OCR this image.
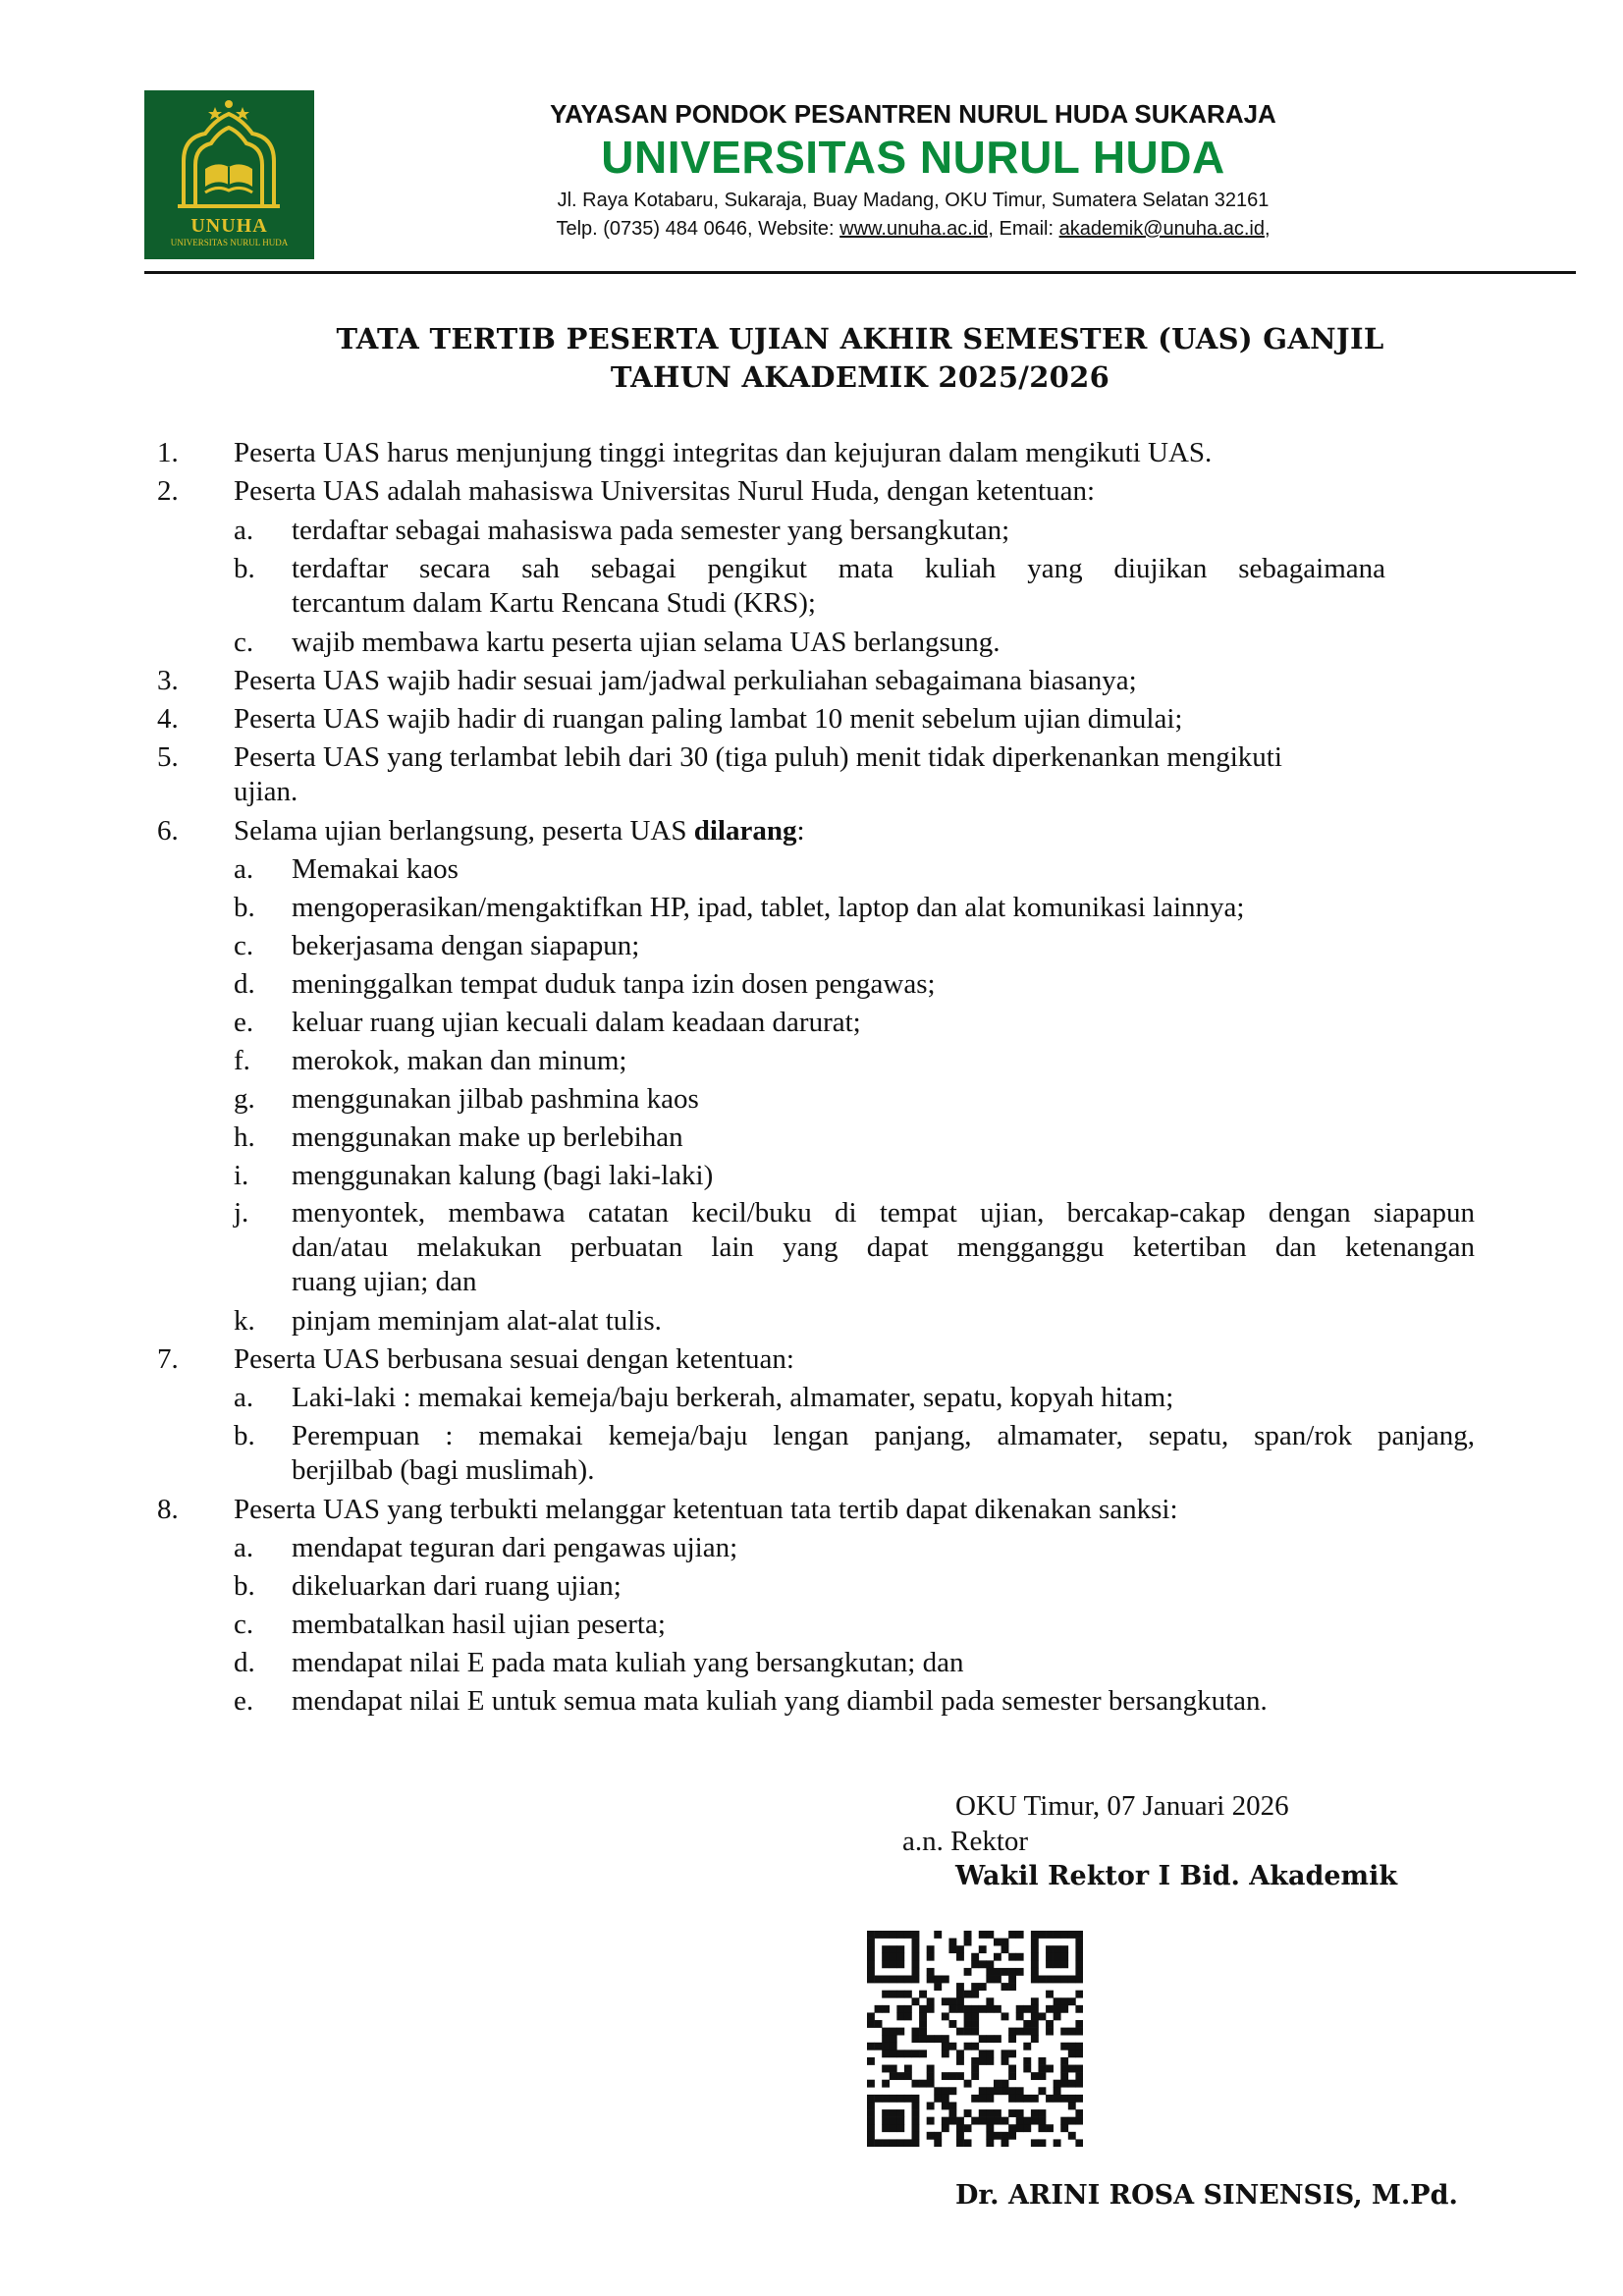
UNUHA
UNIVERSITAS NURUL HUDA
YAYASAN PONDOK PESANTREN NURUL HUDA SUKARAJA
UNIVERSITAS NURUL HUDA
Jl. Raya Kotabaru, Sukaraja, Buay Madang, OKU Timur, Sumatera Selatan 32161
Telp. (0735) 484 0646, Website: www.unuha.ac.id, Email: akademik@unuha.ac.id,
TATA TERTIB PESERTA UJIAN AKHIR SEMESTER (UAS) GANJIL
TAHUN AKADEMIK 2025/2026
1. Peserta UAS harus menjunjung tinggi integritas dan kejujuran dalam mengikuti UAS.
2. Peserta UAS adalah mahasiswa Universitas Nurul Huda, dengan ketentuan:
a. terdaftar sebagai mahasiswa pada semester yang bersangkutan;
b. terdaftar secara sah sebagai pengikut mata kuliah yang diujikan sebagaimana
tercantum dalam Kartu Rencana Studi (KRS);
c. wajib membawa kartu peserta ujian selama UAS berlangsung.
3. Peserta UAS wajib hadir sesuai jam/jadwal perkuliahan sebagaimana biasanya;
4. Peserta UAS wajib hadir di ruangan paling lambat 10 menit sebelum ujian dimulai;
5. Peserta UAS yang terlambat lebih dari 30 (tiga puluh) menit tidak diperkenankan mengikuti
ujian.
6. Selama ujian berlangsung, peserta UAS dilarang:
a. Memakai kaos
b. mengoperasikan/mengaktifkan HP, ipad, tablet, laptop dan alat komunikasi lainnya;
c. bekerjasama dengan siapapun;
d. meninggalkan tempat duduk tanpa izin dosen pengawas;
e. keluar ruang ujian kecuali dalam keadaan darurat;
f. merokok, makan dan minum;
g. menggunakan jilbab pashmina kaos
h. menggunakan make up berlebihan
i. menggunakan kalung (bagi laki-laki)
j. menyontek, membawa catatan kecil/buku di tempat ujian, bercakap-cakap dengan siapapun
dan/atau melakukan perbuatan lain yang dapat mengganggu ketertiban dan ketenangan
ruang ujian; dan
k. pinjam meminjam alat-alat tulis.
7. Peserta UAS berbusana sesuai dengan ketentuan:
a. Laki-laki : memakai kemeja/baju berkerah, almamater, sepatu, kopyah hitam;
b. Perempuan : memakai kemeja/baju lengan panjang, almamater, sepatu, span/rok panjang,
berjilbab (bagi muslimah).
8. Peserta UAS yang terbukti melanggar ketentuan tata tertib dapat dikenakan sanksi:
a. mendapat teguran dari pengawas ujian;
b. dikeluarkan dari ruang ujian;
c. membatalkan hasil ujian peserta;
d. mendapat nilai E pada mata kuliah yang bersangkutan; dan
e. mendapat nilai E untuk semua mata kuliah yang diambil pada semester bersangkutan.
OKU Timur, 07 Januari 2026
a.n. Rektor
Wakil Rektor I Bid. Akademik
Dr. ARINI ROSA SINENSIS, M.Pd.
